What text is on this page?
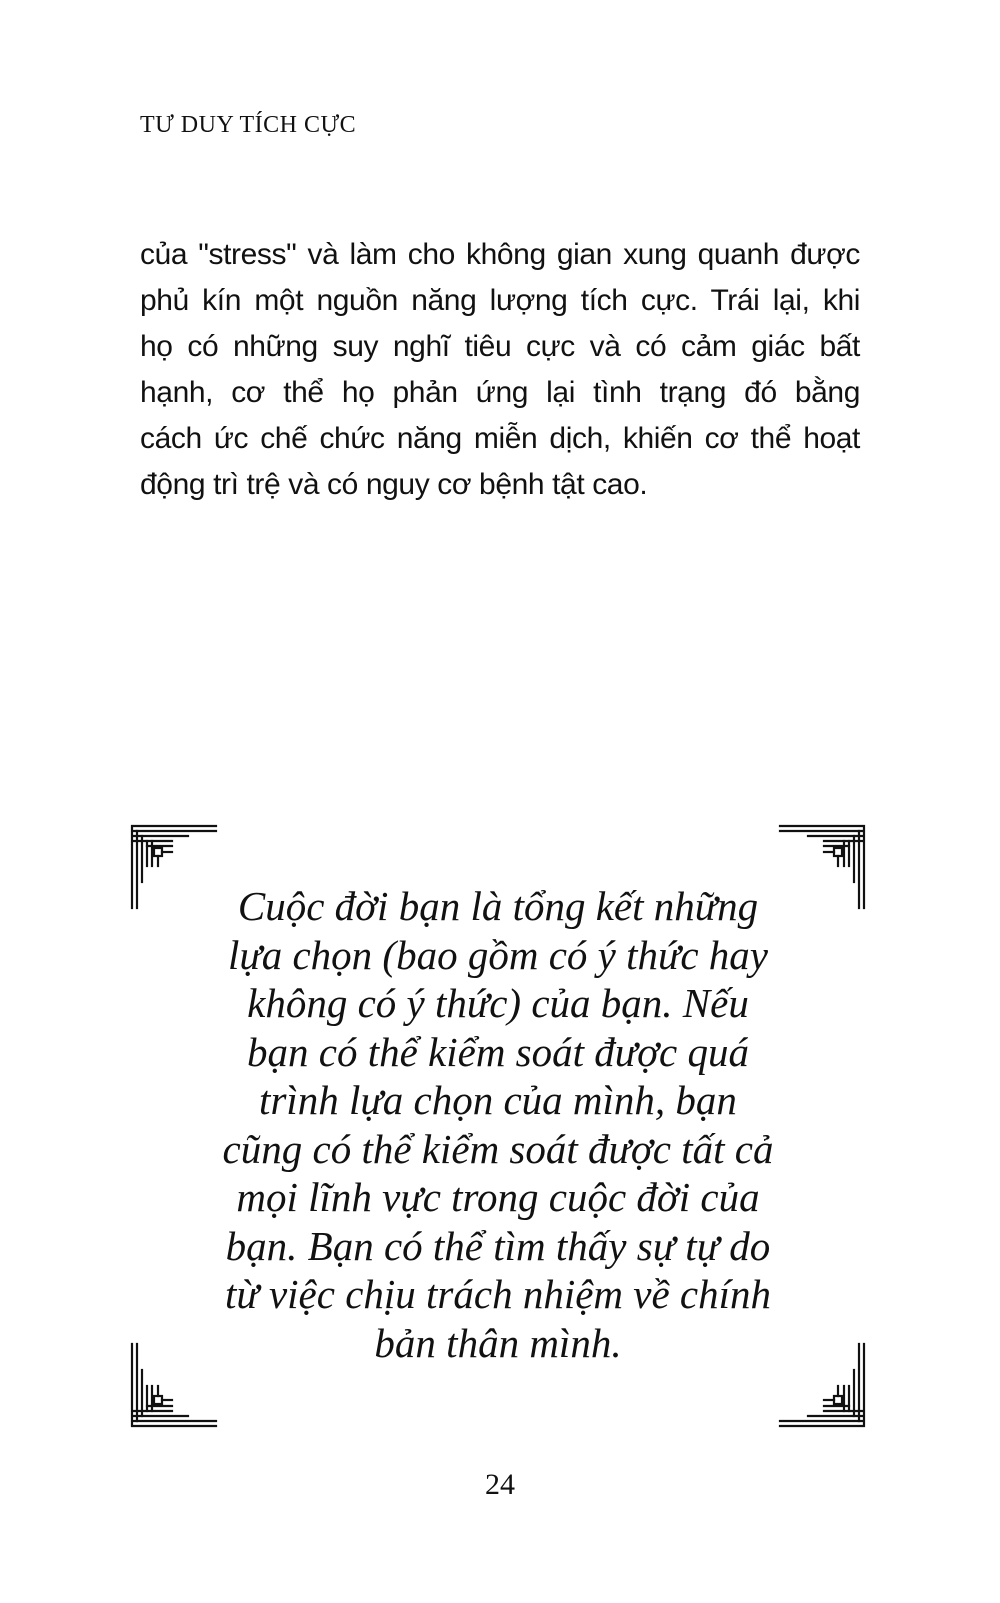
TƯ DUY TÍCH CỰC

của "stress" và làm cho không gian xung quanh được
phủ kín một nguồn năng lượng tích cực. Trái lại, khi
họ có những suy nghĩ tiêu cực và có cảm giác bất
hạnh, cơ thể họ phản ứng lại tình trạng đó bằng
cách ức chế chức năng miễn dịch, khiến cơ thể hoạt
động trì trệ và có nguy cơ bệnh tật cao.

Cuộc đời bạn là tổng kết những
lựa chọn (bao gồm có ý thức hay
không có ý thức) của bạn. Nếu
bạn có thể kiểm soát được quá
trình lựa chọn của mình, bạn
cũng có thể kiểm soát được tất cả
mọi lĩnh vực trong cuộc đời của
bạn. Bạn có thể tìm thấy sự tự do
từ việc chịu trách nhiệm về chính
bản thân mình.

24
